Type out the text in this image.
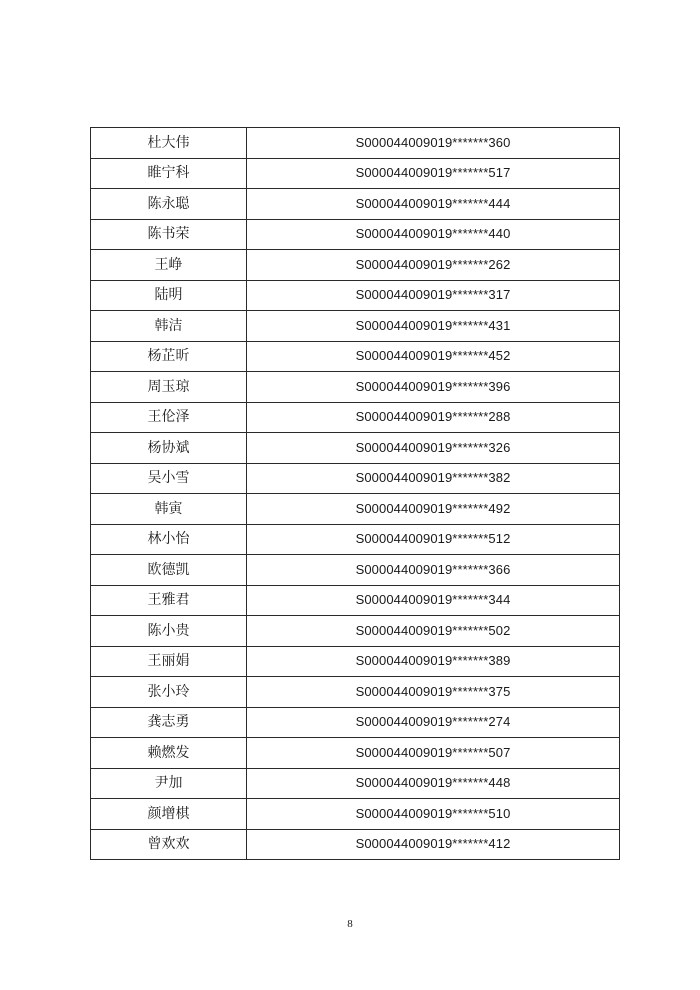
杜大伟	S000044009019*******360
睢宁科	S000044009019*******517
陈永聪	S000044009019*******444
陈书荣	S000044009019*******440
王峥	S000044009019*******262
陆明	S000044009019*******317
韩洁	S000044009019*******431
杨芷昕	S000044009019*******452
周玉琼	S000044009019*******396
王伦泽	S000044009019*******288
杨协斌	S000044009019*******326
吴小雪	S000044009019*******382
韩寅	S000044009019*******492
林小怡	S000044009019*******512
欧德凯	S000044009019*******366
王雅君	S000044009019*******344
陈小贵	S000044009019*******502
王丽娟	S000044009019*******389
张小玲	S000044009019*******375
龚志勇	S000044009019*******274
赖燃发	S000044009019*******507
尹加	S000044009019*******448
颜增棋	S000044009019*******510
曾欢欢	S000044009019*******412
8
